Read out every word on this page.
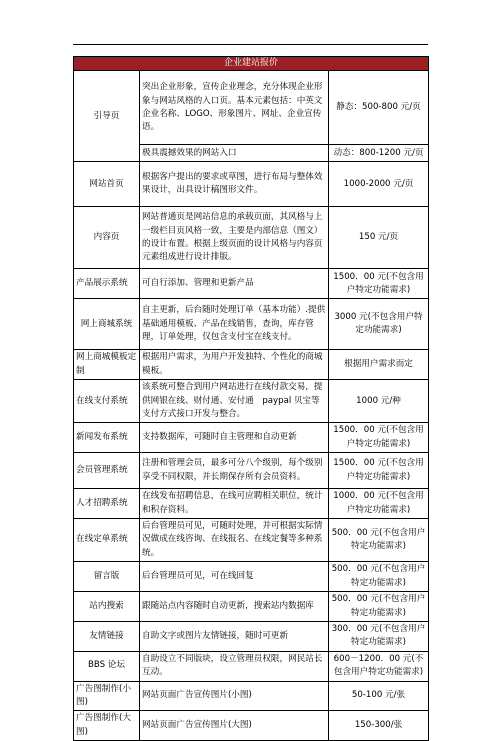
企业建站报价		
引导页	突出企业形象，宣传企业理念，充分体现企业形象与网站风格的入口页。基本元素包括：中英文企业名称、LOGO、形象图片、网址、企业宣传语。	静态：500-800 元/页
	极具震撼效果的网站入口	动态：800-1200 元/页
网站首页	根据客户提出的要求或草图，进行布局与整体效果设计，出具设计稿图形文件。	1000-2000 元/页
内容页	网站普通页是网站信息的承载页面，其风格与上一级栏目页风格一致，主要是内部信息（图文）的设计布置。根据上级页面的设计风格与内容页元素组成进行设计排版。	150 元/页
产品展示系统	可自行添加、管理和更新产品	1500．00 元(不包含用户特定功能需求)
网上商城系统	自主更新，后台随时处理订单（基本功能）.提供基础通用模板、产品在线销售，查询，库存管理，订单处理，仅包含支付宝在线支付。	3000 元(不包含用户特定功能需求)
网上商城模板定制	根据用户需求，为用户开发独特、个性化的商城模板。	根据用户需求而定
在线支付系统	该系统可整合到用户网站进行在线付款交易，提供网银在线、财付通、安付通　paypal 贝宝等支付方式接口开发与整合。	1000 元/种
新闻发布系统	支持数据库，可随时自主管理和自动更新	1500．00 元(不包含用户特定功能需求)
会员管理系统	注册和管理会员，最多可分八个级别，每个级别享受不同权限，并长期保存所有会员资料。	1500．00 元(不包含用户特定功能需求)
人才招聘系统	在线发布招聘信息，在线可应聘相关职位，统计和积存资料。	1000．00 元(不包含用户特定功能需求)
在线定单系统	后台管理员可见，可随时处理，并可根据实际情况做成在线咨询、在线报名、在线定餐等多种系统。	500．00 元(不包含用户特定功能需求)
留言版	后台管理员可见，可在线回复	500．00 元(不包含用户特定功能需求)
站内搜索	跟随站点内容随时自动更新，搜索站内数据库	500．00 元(不包含用户特定功能需求)
友情链接	自助文字或图片友情链接，随时可更新	300．00 元(不包含用户特定功能需求)
BBS 论坛	自助设立不同版块，设立管理员权限，网民站长互动。	600－1200．00 元(不包含用户特定功能需求)
广告图制作(小图)	网站页面广告宣传图片(小图)	50-100 元/张
广告图制作(大图)	网站页面广告宣传图片(大图)	150-300/张
